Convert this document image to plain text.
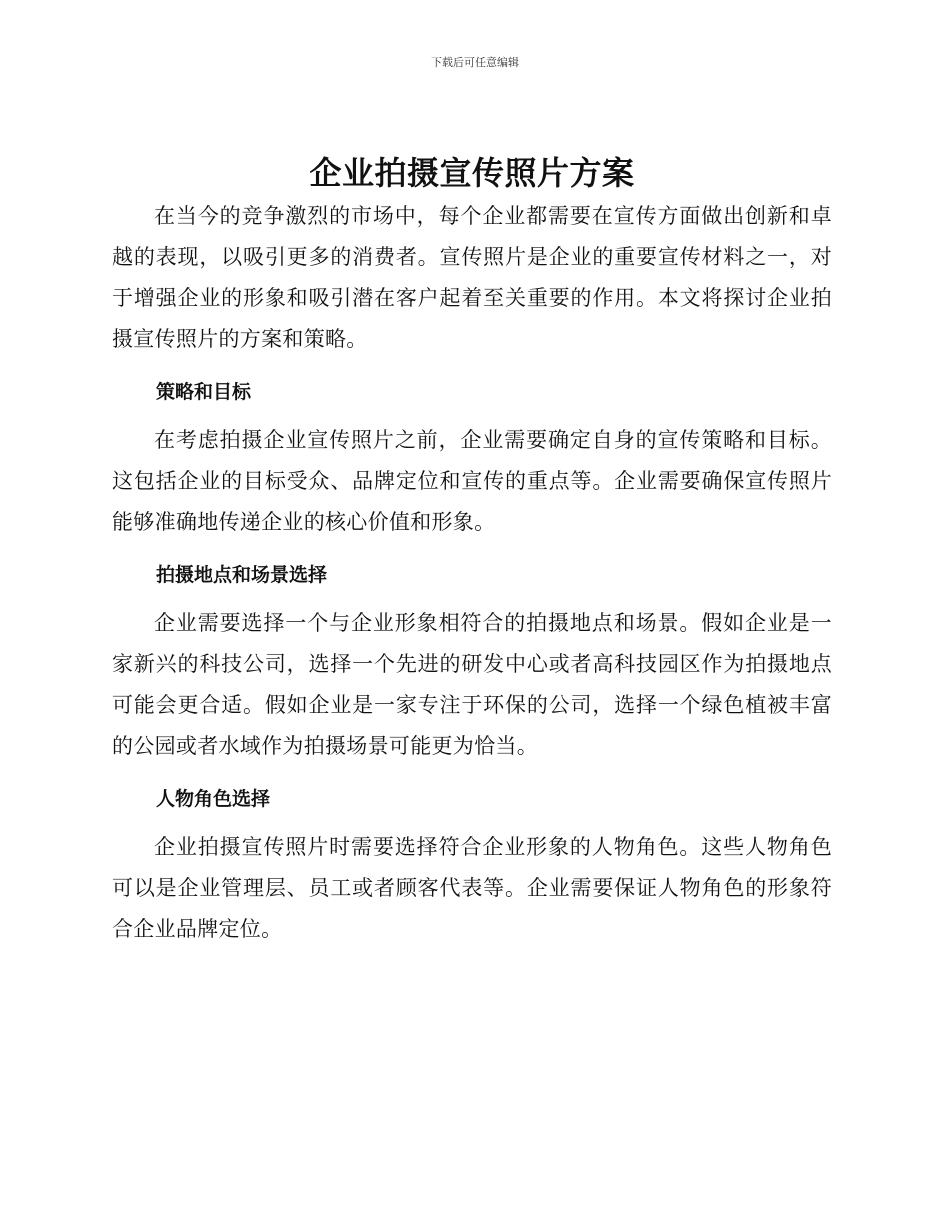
下载后可任意编辑
企业拍摄宣传照片方案

在当今的竞争激烈的市场中，每个企业都需要在宣传方面做出创新和卓越的表现，以吸引更多的消费者。宣传照片是企业的重要宣传材料之一，对于增强企业的形象和吸引潜在客户起着至关重要的作用。本文将探讨企业拍摄宣传照片的方案和策略。

策略和目标

在考虑拍摄企业宣传照片之前，企业需要确定自身的宣传策略和目标。这包括企业的目标受众、品牌定位和宣传的重点等。企业需要确保宣传照片能够准确地传递企业的核心价值和形象。

拍摄地点和场景选择

企业需要选择一个与企业形象相符合的拍摄地点和场景。假如企业是一家新兴的科技公司，选择一个先进的研发中心或者高科技园区作为拍摄地点可能会更合适。假如企业是一家专注于环保的公司，选择一个绿色植被丰富的公园或者水域作为拍摄场景可能更为恰当。

人物角色选择

企业拍摄宣传照片时需要选择符合企业形象的人物角色。这些人物角色可以是企业管理层、员工或者顾客代表等。企业需要保证人物角色的形象符合企业品牌定位。
